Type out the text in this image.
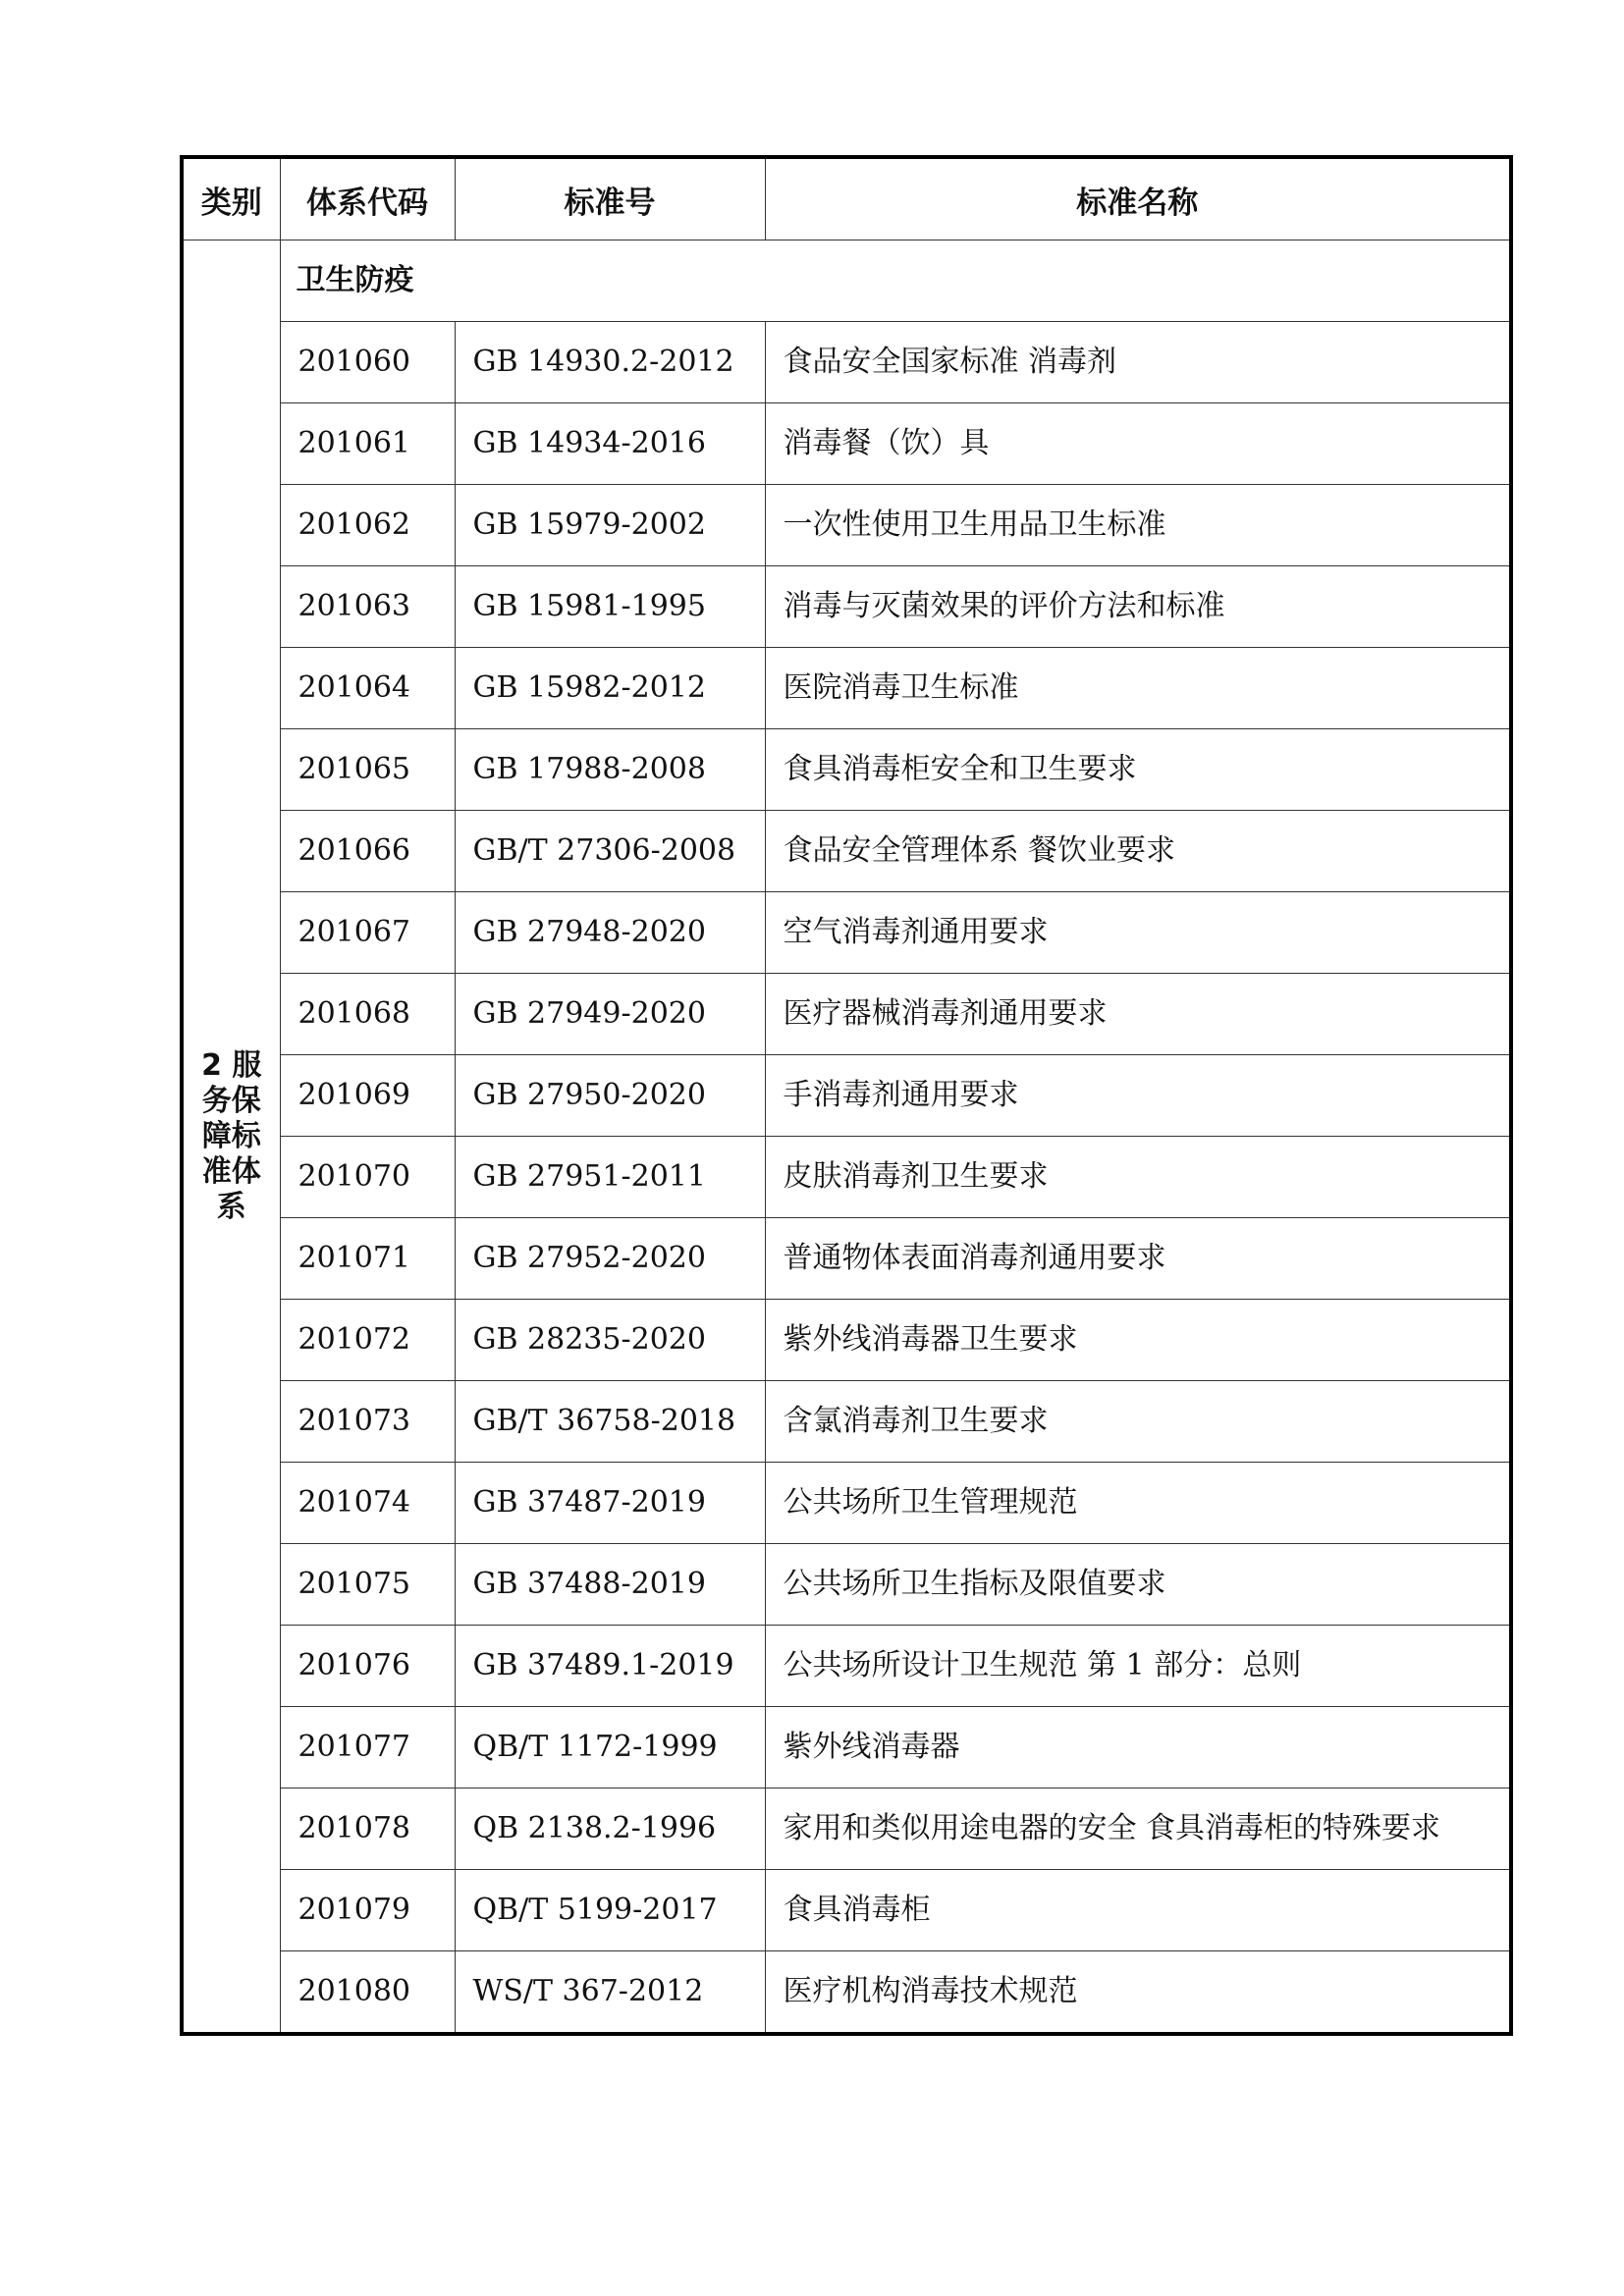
类别	体系代码	标准号	标准名称
2 服务保障标准体系	卫生防疫		
	201060	GB 14930.2-2012	食品安全国家标准 消毒剂
	201061	GB 14934-2016	消毒餐（饮）具
	201062	GB 15979-2002	一次性使用卫生用品卫生标准
	201063	GB 15981-1995	消毒与灭菌效果的评价方法和标准
	201064	GB 15982-2012	医院消毒卫生标准
	201065	GB 17988-2008	食具消毒柜安全和卫生要求
	201066	GB/T 27306-2008	食品安全管理体系 餐饮业要求
	201067	GB 27948-2020	空气消毒剂通用要求
	201068	GB 27949-2020	医疗器械消毒剂通用要求
	201069	GB 27950-2020	手消毒剂通用要求
	201070	GB 27951-2011	皮肤消毒剂卫生要求
	201071	GB 27952-2020	普通物体表面消毒剂通用要求
	201072	GB 28235-2020	紫外线消毒器卫生要求
	201073	GB/T 36758-2018	含氯消毒剂卫生要求
	201074	GB 37487-2019	公共场所卫生管理规范
	201075	GB 37488-2019	公共场所卫生指标及限值要求
	201076	GB 37489.1-2019	公共场所设计卫生规范 第 1 部分：总则
	201077	QB/T 1172-1999	紫外线消毒器
	201078	QB 2138.2-1996	家用和类似用途电器的安全 食具消毒柜的特殊要求
	201079	QB/T 5199-2017	食具消毒柜
	201080	WS/T 367-2012	医疗机构消毒技术规范
